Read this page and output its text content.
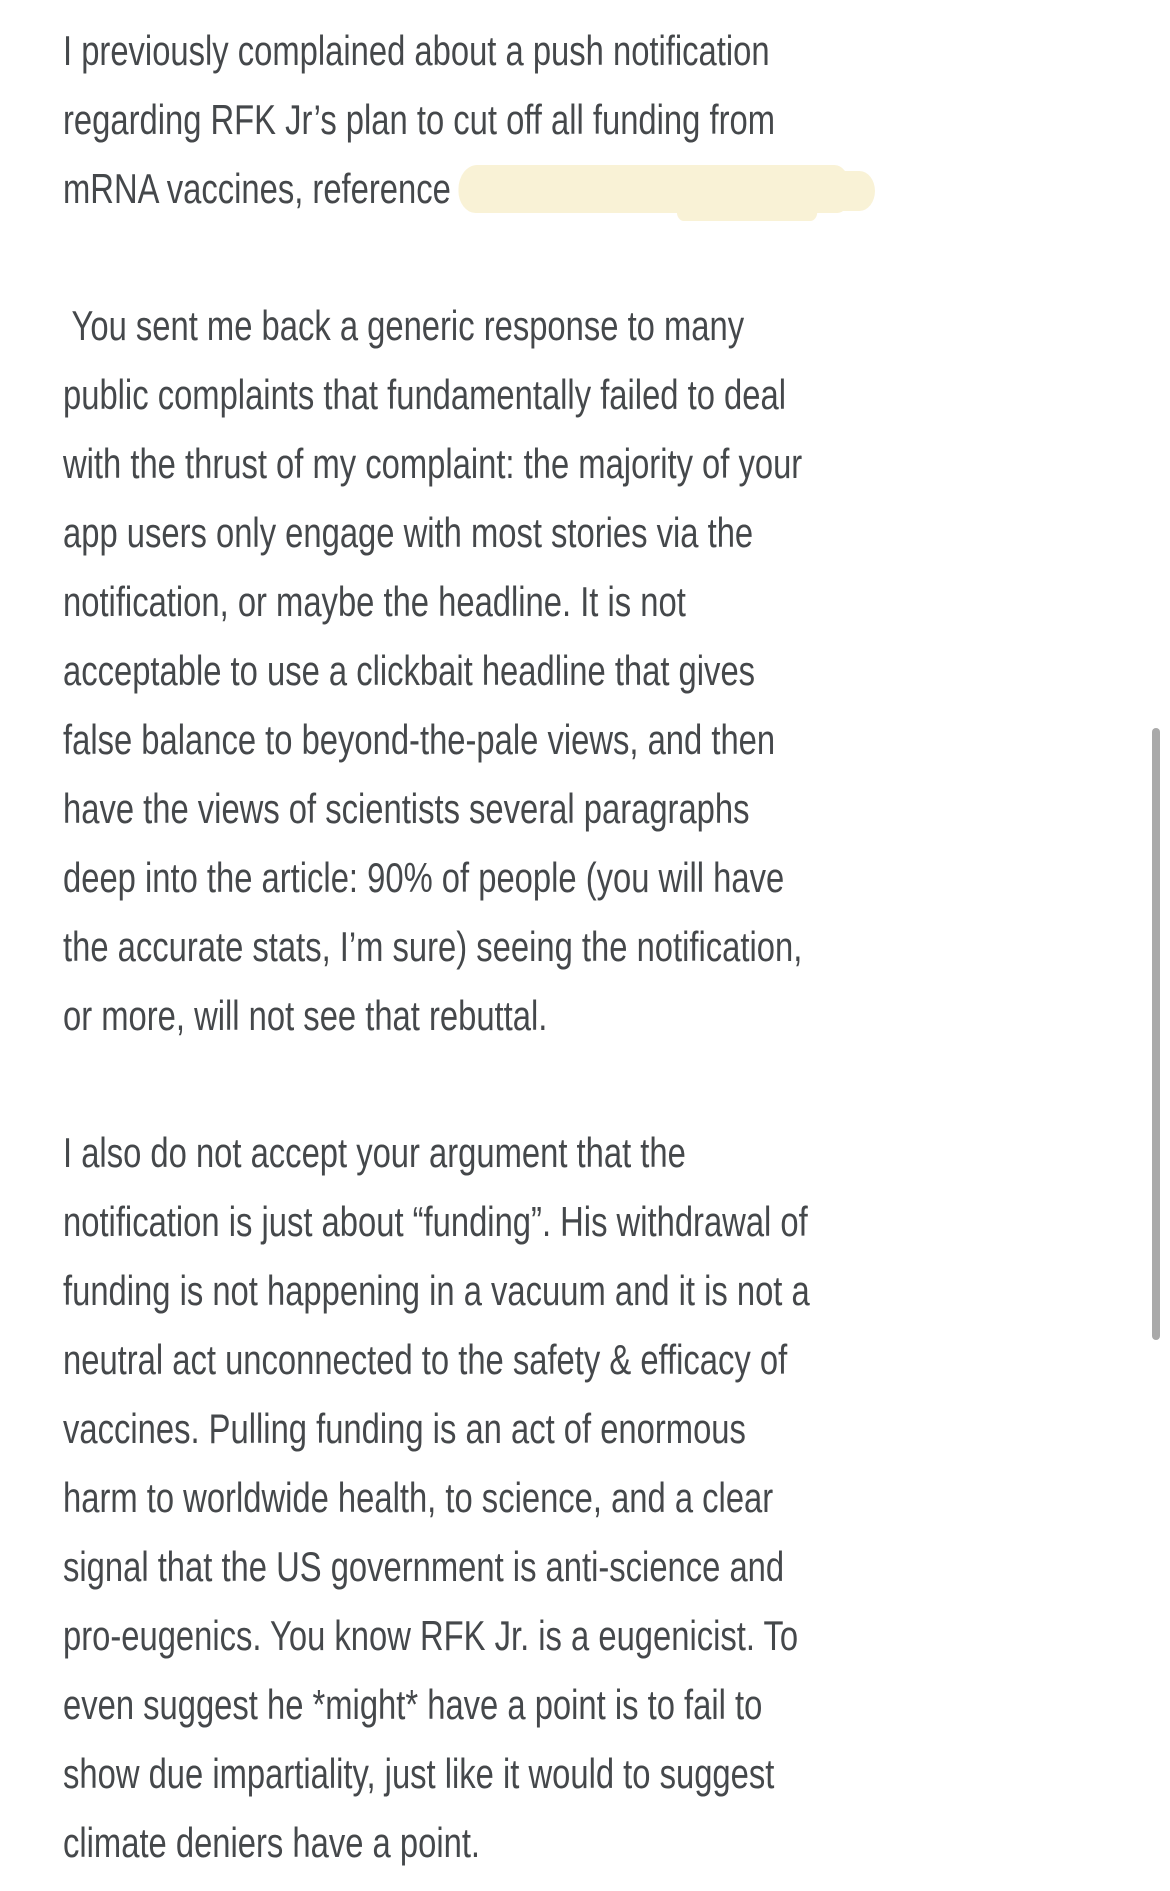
I previously complained about a push notification
regarding RFK Jr’s plan to cut off all funding from
mRNA vaccines, reference
You sent me back a generic response to many
public complaints that fundamentally failed to deal
with the thrust of my complaint: the majority of your
app users only engage with most stories via the
notification, or maybe the headline. It is not
acceptable to use a clickbait headline that gives
false balance to beyond-the-pale views, and then
have the views of scientists several paragraphs
deep into the article: 90% of people (you will have
the accurate stats, I’m sure) seeing the notification,
or more, will not see that rebuttal.
I also do not accept your argument that the
notification is just about “funding”. His withdrawal of
funding is not happening in a vacuum and it is not a
neutral act unconnected to the safety & efficacy of
vaccines. Pulling funding is an act of enormous
harm to worldwide health, to science, and a clear
signal that the US government is anti-science and
pro-eugenics. You know RFK Jr. is a eugenicist. To
even suggest he *might* have a point is to fail to
show due impartiality, just like it would to suggest
climate deniers have a point.
